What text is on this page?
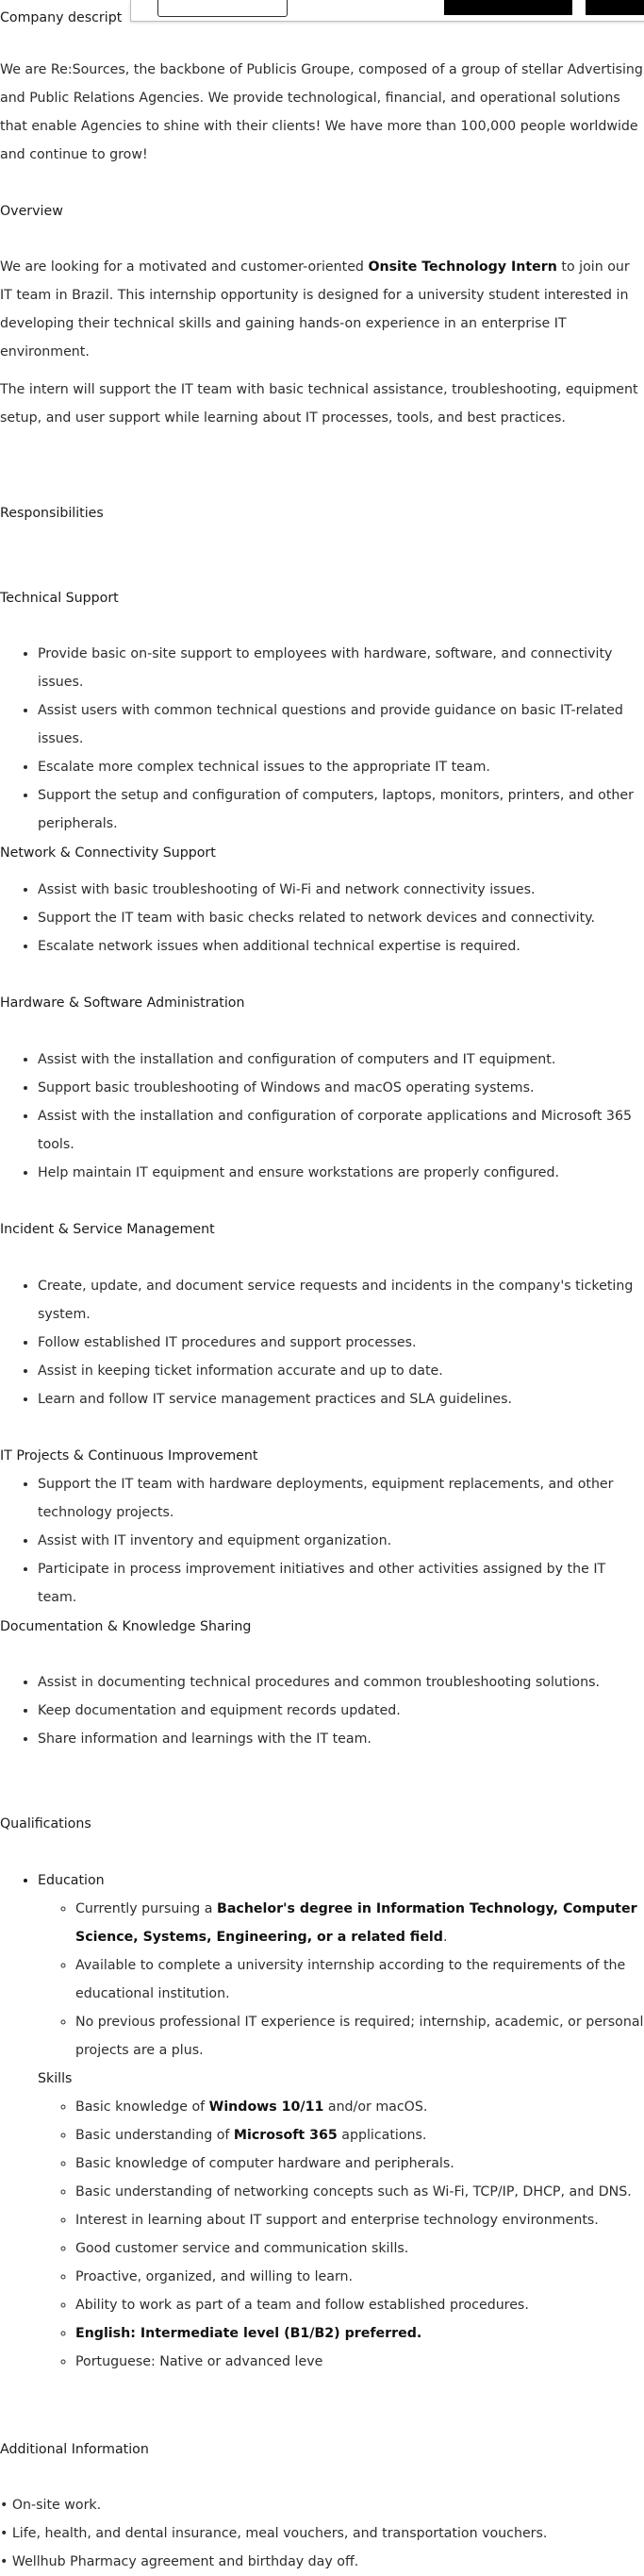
Company descript

We are Re:Sources, the backbone of Publicis Groupe, composed of a group of stellar Advertising and Public Relations Agencies. We provide technological, financial, and operational solutions that enable Agencies to shine with their clients! We have more than 100,000 people worldwide and continue to grow!

Overview

We are looking for a motivated and customer-oriented Onsite Technology Intern to join our IT team in Brazil. This internship opportunity is designed for a university student interested in developing their technical skills and gaining hands-on experience in an enterprise IT environment.

The intern will support the IT team with basic technical assistance, troubleshooting, equipment setup, and user support while learning about IT processes, tools, and best practices.

Responsibilities
Technical Support
• Provide basic on-site support to employees with hardware, software, and connectivity issues.
• Assist users with common technical questions and provide guidance on basic IT-related issues.
• Escalate more complex technical issues to the appropriate IT team.
• Support the setup and configuration of computers, laptops, monitors, printers, and other peripherals.
Network & Connectivity Support
• Assist with basic troubleshooting of Wi-Fi and network connectivity issues.
• Support the IT team with basic checks related to network devices and connectivity.
• Escalate network issues when additional technical expertise is required.
Hardware & Software Administration
• Assist with the installation and configuration of computers and IT equipment.
• Support basic troubleshooting of Windows and macOS operating systems.
• Assist with the installation and configuration of corporate applications and Microsoft 365 tools.
• Help maintain IT equipment and ensure workstations are properly configured.
Incident & Service Management
• Create, update, and document service requests and incidents in the company's ticketing system.
• Follow established IT procedures and support processes.
• Assist in keeping ticket information accurate and up to date.
• Learn and follow IT service management practices and SLA guidelines.
IT Projects & Continuous Improvement
• Support the IT team with hardware deployments, equipment replacements, and other technology projects.
• Assist with IT inventory and equipment organization.
• Participate in process improvement initiatives and other activities assigned by the IT team.
Documentation & Knowledge Sharing
• Assist in documenting technical procedures and common troubleshooting solutions.
• Keep documentation and equipment records updated.
• Share information and learnings with the IT team.
Qualifications
• Education
◦ Currently pursuing a Bachelor's degree in Information Technology, Computer Science, Systems, Engineering, or a related field.
◦ Available to complete a university internship according to the requirements of the educational institution.
◦ No previous professional IT experience is required; internship, academic, or personal projects are a plus.
Skills
◦ Basic knowledge of Windows 10/11 and/or macOS.
◦ Basic understanding of Microsoft 365 applications.
◦ Basic knowledge of computer hardware and peripherals.
◦ Basic understanding of networking concepts such as Wi-Fi, TCP/IP, DHCP, and DNS.
◦ Interest in learning about IT support and enterprise technology environments.
◦ Good customer service and communication skills.
◦ Proactive, organized, and willing to learn.
◦ Ability to work as part of a team and follow established procedures.
◦ English: Intermediate level (B1/B2) preferred.
◦ Portuguese: Native or advanced leve
Additional Information

• On-site work.

• Life, health, and dental insurance, meal vouchers, and transportation vouchers.

• Wellhub Pharmacy agreement and birthday day off.
